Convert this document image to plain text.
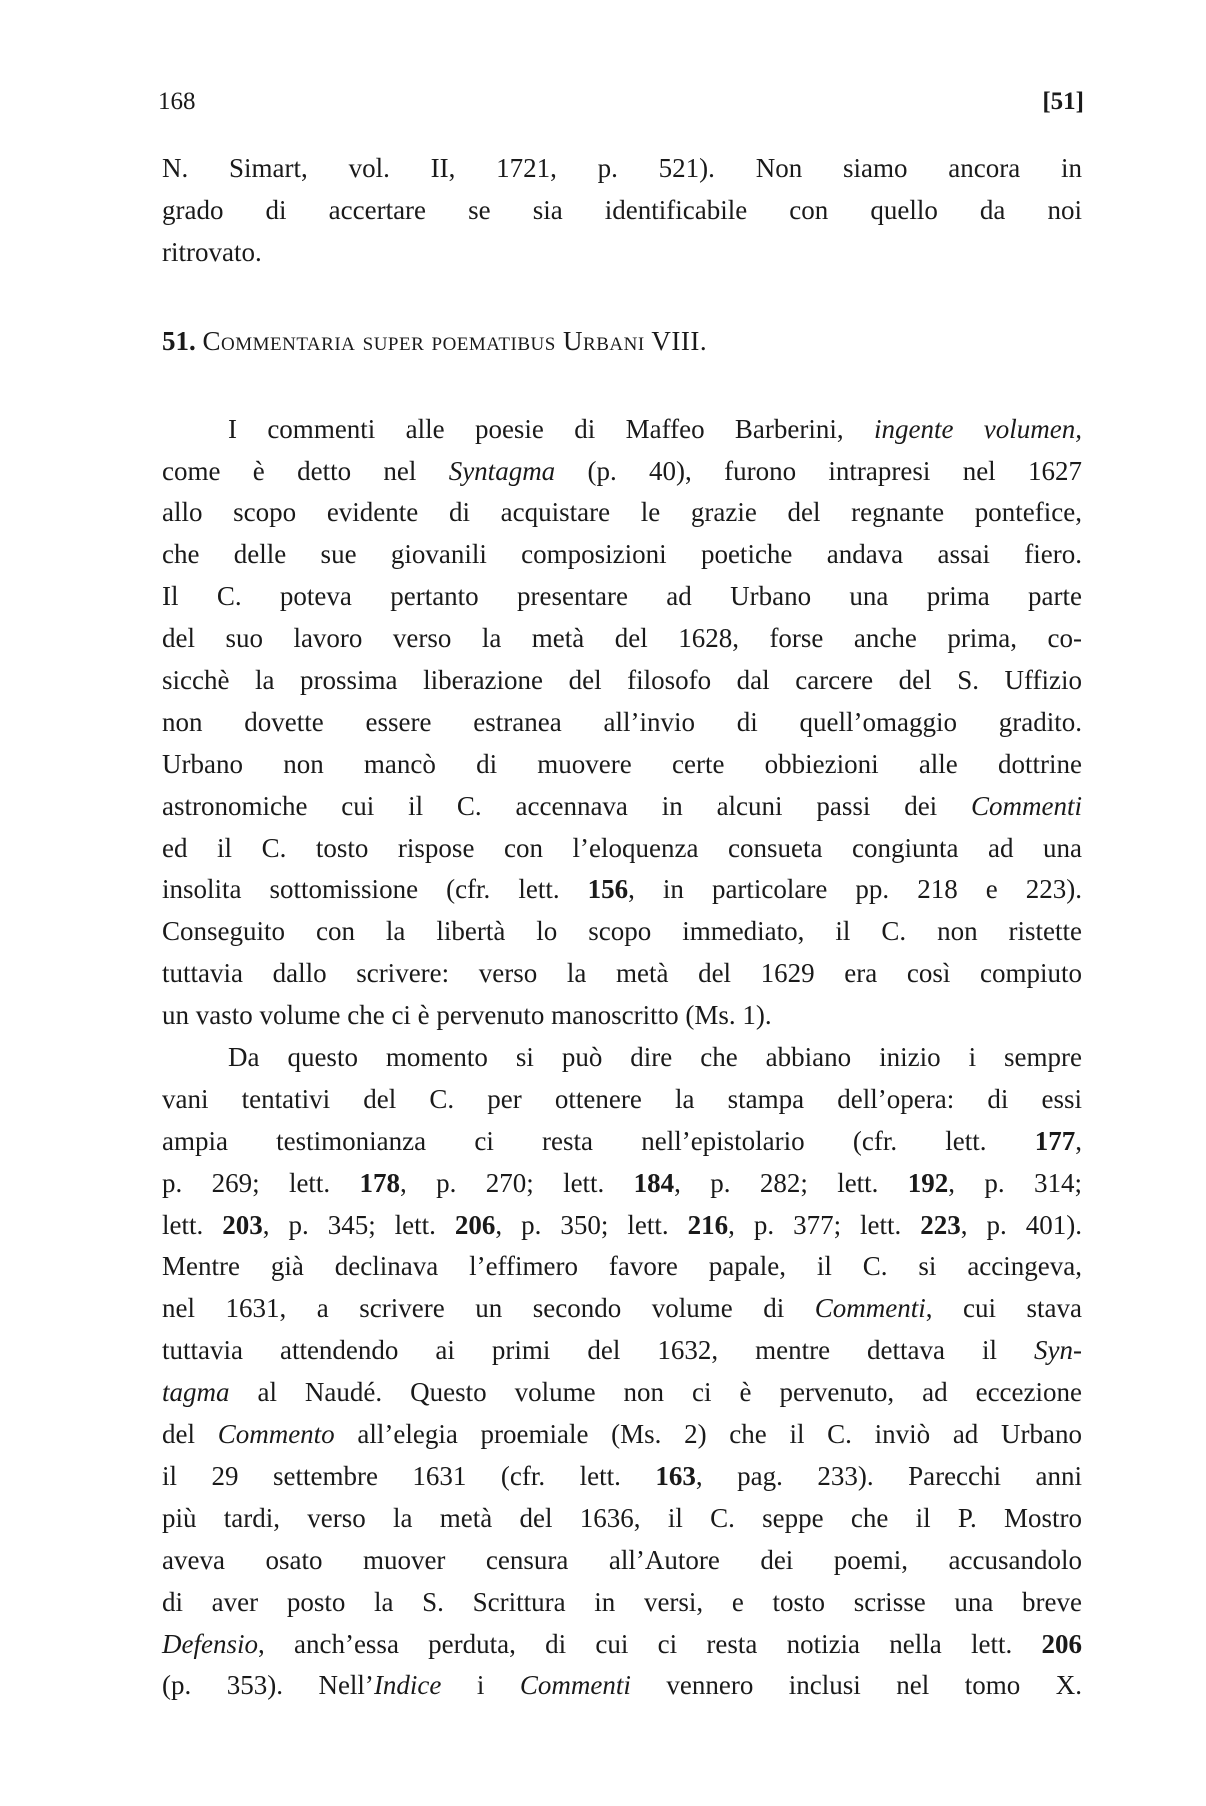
168	[51]
N. Simart, vol. II, 1721, p. 521). Non siamo ancora in
grado di accertare se sia identificabile con quello da noi
ritrovato.
51. Commentaria super poematibus Urbani VIII.
I commenti alle poesie di Maffeo Barberini, ingente volumen,
come è detto nel Syntagma (p. 40), furono intrapresi nel 1627
allo scopo evidente di acquistare le grazie del regnante pontefice,
che delle sue giovanili composizioni poetiche andava assai fiero.
Il C. poteva pertanto presentare ad Urbano una prima parte
del suo lavoro verso la metà del 1628, forse anche prima, co-
sicchè la prossima liberazione del filosofo dal carcere del S. Uffizio
non dovette essere estranea all’invio di quell’omaggio gradito.
Urbano non mancò di muovere certe obbiezioni alle dottrine
astronomiche cui il C. accennava in alcuni passi dei Commenti
ed il C. tosto rispose con l’eloquenza consueta congiunta ad una
insolita sottomissione (cfr. lett. 156, in particolare pp. 218 e 223).
Conseguito con la libertà lo scopo immediato, il C. non ristette
tuttavia dallo scrivere: verso la metà del 1629 era così compiuto
un vasto volume che ci è pervenuto manoscritto (Ms. 1).
Da questo momento si può dire che abbiano inizio i sempre
vani tentativi del C. per ottenere la stampa dell’opera: di essi
ampia testimonianza ci resta nell’epistolario (cfr. lett. 177,
p. 269; lett. 178, p. 270; lett. 184, p. 282; lett. 192, p. 314;
lett. 203, p. 345; lett. 206, p. 350; lett. 216, p. 377; lett. 223, p. 401).
Mentre già declinava l’effimero favore papale, il C. si accingeva,
nel 1631, a scrivere un secondo volume di Commenti, cui stava
tuttavia attendendo ai primi del 1632, mentre dettava il Syn-
tagma al Naudé. Questo volume non ci è pervenuto, ad eccezione
del Commento all’elegia proemiale (Ms. 2) che il C. inviò ad Urbano
il 29 settembre 1631 (cfr. lett. 163, pag. 233). Parecchi anni
più tardi, verso la metà del 1636, il C. seppe che il P. Mostro
aveva osato muover censura all’Autore dei poemi, accusandolo
di aver posto la S. Scrittura in versi, e tosto scrisse una breve
Defensio, anch’essa perduta, di cui ci resta notizia nella lett. 206
(p. 353). Nell’Indice i Commenti vennero inclusi nel tomo X.
